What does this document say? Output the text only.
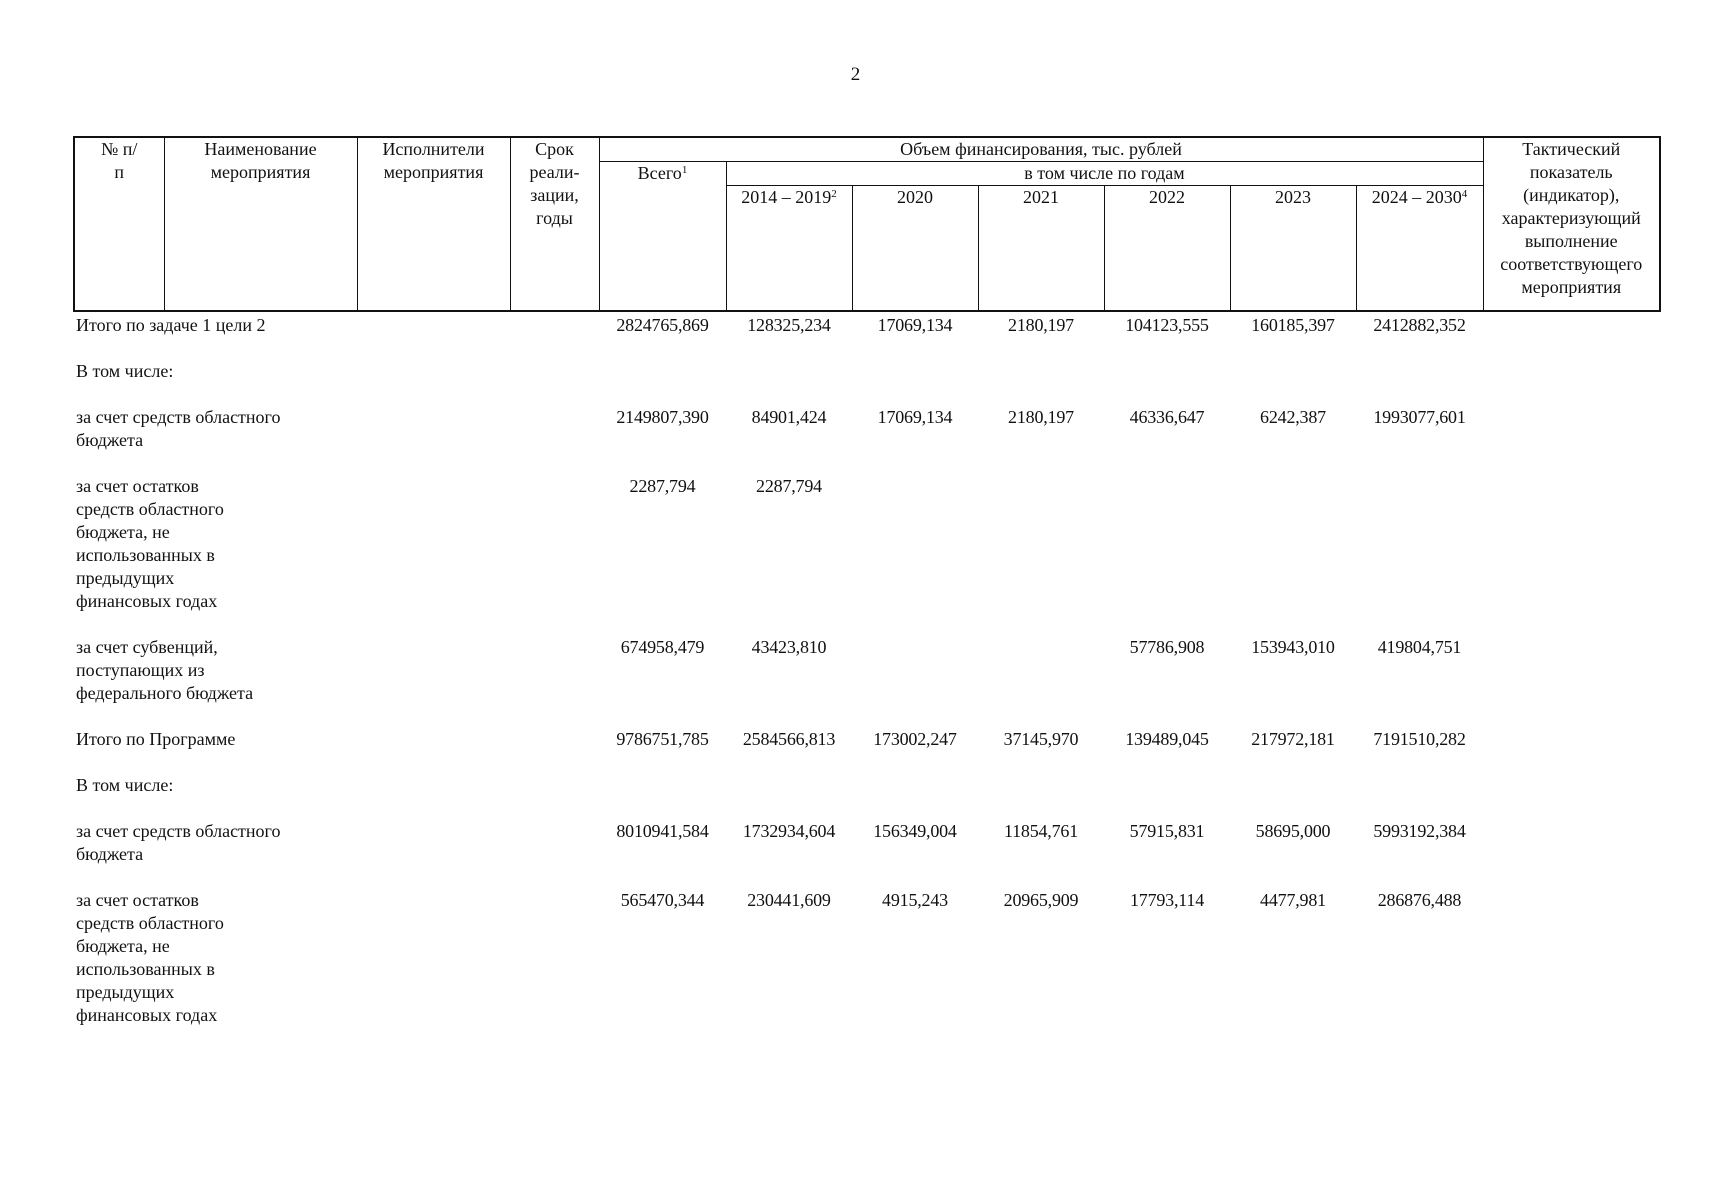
2
№ п/п	Наименование мероприятия	Исполнители мероприятия	Срок реали-зации, годы	Объем финансирования, тыс. рублей							Тактический показатель (индикатор), характеризующий выполнение соответствующего мероприятия
				Всего$^1$	в том числе по годам						
					2014 – 2019$^2$	2020	2021	2022	2023	2024 – 2030$^4$
Итого по задаче 1 цели 2				2824765,869	128325,234	17069,134	2180,197	104123,555	160185,397	2412882,352	
В том числе:											
за счет средств областного бюджета				2149807,390	84901,424	17069,134	2180,197	46336,647	6242,387	1993077,601	
за счет остатков средств областного бюджета, не использованных в предыдущих финансовых годах				2287,794	2287,794						
за счет субвенций, поступающих из федерального бюджета				674958,479	43423,810			57786,908	153943,010	419804,751	
Итого по Программе				9786751,785	2584566,813	173002,247	37145,970	139489,045	217972,181	7191510,282	
В том числе:											
за счет средств областного бюджета				8010941,584	1732934,604	156349,004	11854,761	57915,831	58695,000	5993192,384	
за счет остатков средств областного бюджета, не использованных в предыдущих финансовых годах				565470,344	230441,609	4915,243	20965,909	17793,114	4477,981	286876,488	
